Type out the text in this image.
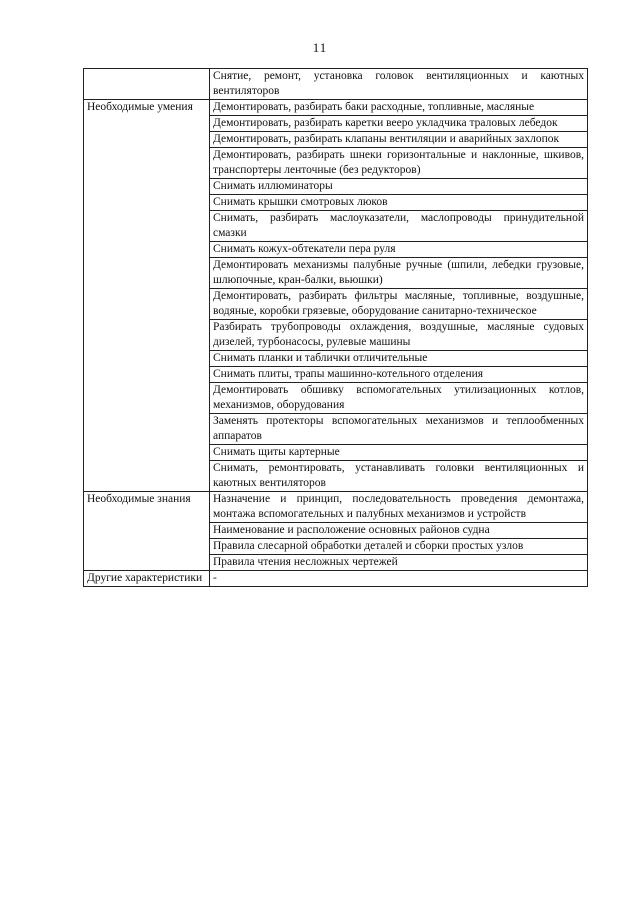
11
	Снятие, ремонт, установка головок вентиляционных и каютных вентиляторов
Необходимые умения	Демонтировать, разбирать баки расходные, топливные, масляные
	Демонтировать, разбирать каретки вееро укладчика траловых лебедок
	Демонтировать, разбирать клапаны вентиляции и аварийных захлопок
	Демонтировать, разбирать шнеки горизонтальные и наклонные, шкивов, транспортеры ленточные (без редукторов)
	Снимать иллюминаторы
	Снимать крышки смотровых люков
	Снимать, разбирать маслоуказатели, маслопроводы принудительной смазки
	Снимать кожух-обтекатели пера руля
	Демонтировать механизмы палубные ручные (шпили, лебедки грузовые, шлюпочные, кран-балки, вьюшки)
	Демонтировать, разбирать фильтры масляные, топливные, воздушные, водяные, коробки грязевые, оборудование санитарно-техническое
	Разбирать трубопроводы охлаждения, воздушные, масляные судовых дизелей, турбонасосы, рулевые машины
	Снимать планки и таблички отличительные
	Снимать плиты, трапы машинно-котельного отделения
	Демонтировать обшивку вспомогательных утилизационных котлов, механизмов, оборудования
	Заменять протекторы вспомогательных механизмов и теплообменных аппаратов
	Снимать щиты картерные
	Снимать, ремонтировать, устанавливать головки вентиляционных и каютных вентиляторов
Необходимые знания	Назначение и принцип, последовательность проведения демонтажа, монтажа вспомогательных и палубных механизмов и устройств
	Наименование и расположение основных районов судна
	Правила слесарной обработки деталей и сборки простых узлов
	Правила чтения несложных чертежей
Другие характеристики	-
